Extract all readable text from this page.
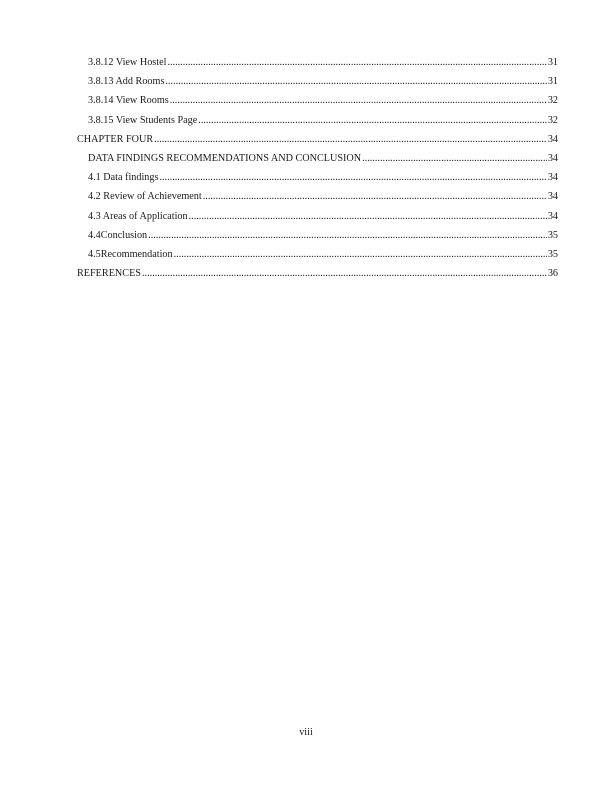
3.8.12 View Hostel .....	31
3.8.13 Add Rooms .....	31
3.8.14 View Rooms .....	32
3.8.15 View Students Page .....	32
CHAPTER FOUR .....	34
DATA FINDINGS RECOMMENDATIONS AND CONCLUSION .....	34
4.1 Data findings .....	34
4.2 Review of Achievement .....	34
4.3 Areas of Application .....	34
4.4Conclusion .....	35
4.5Recommendation .....	35
REFERENCES .....	36
viii
